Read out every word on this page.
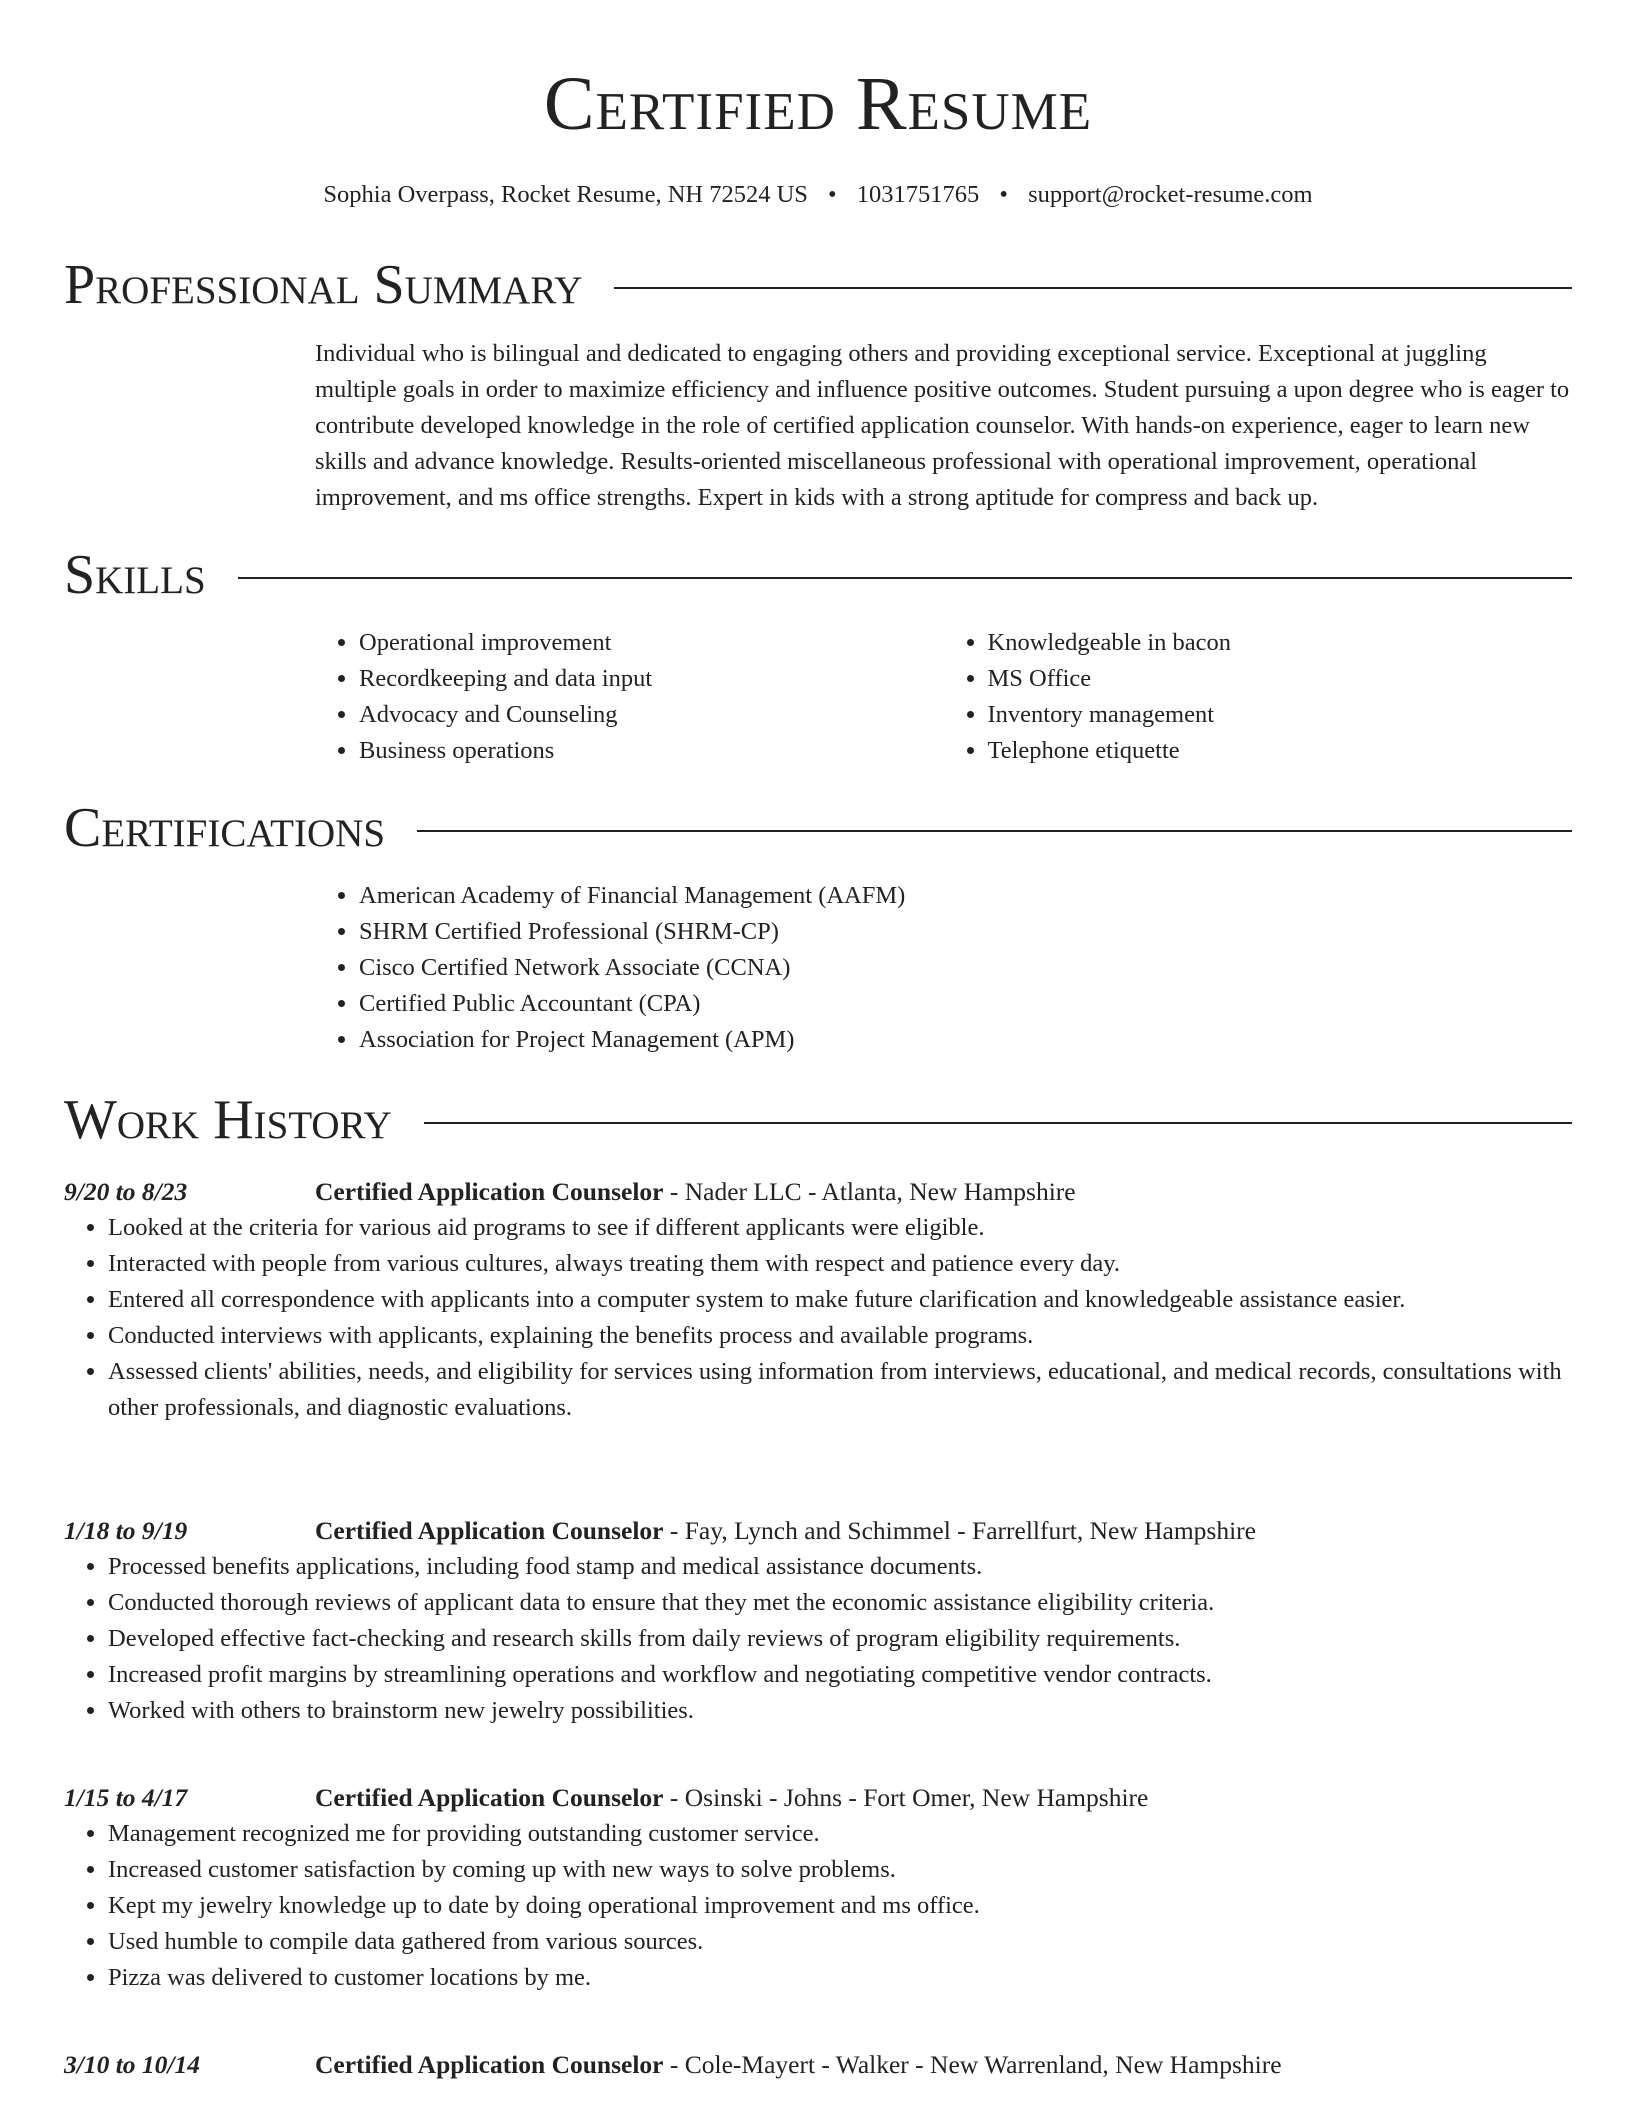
Certified Resume
Sophia Overpass, Rocket Resume, NH 72524 US • 1031751765 • support@rocket-resume.com
Professional Summary

Individual who is bilingual and dedicated to engaging others and providing exceptional service. Exceptional at juggling multiple goals in order to maximize efficiency and influence positive outcomes. Student pursuing a upon degree who is eager to contribute developed knowledge in the role of certified application counselor. With hands-on experience, eager to learn new skills and advance knowledge. Results-oriented miscellaneous professional with operational improvement, operational improvement, and ms office strengths. Expert in kids with a strong aptitude for compress and back up.

Skills
• Operational improvement
• Recordkeeping and data input
• Advocacy and Counseling
• Business operations
• Knowledgeable in bacon
• MS Office
• Inventory management
• Telephone etiquette
Certifications
• American Academy of Financial Management (AAFM)
• SHRM Certified Professional (SHRM-CP)
• Cisco Certified Network Associate (CCNA)
• Certified Public Accountant (CPA)
• Association for Project Management (APM)
Work History
9/20 to 8/23	Certified Application Counselor - Nader LLC - Atlanta, New Hampshire
• Looked at the criteria for various aid programs to see if different applicants were eligible.
• Interacted with people from various cultures, always treating them with respect and patience every day.
• Entered all correspondence with applicants into a computer system to make future clarification and knowledgeable assistance easier.
• Conducted interviews with applicants, explaining the benefits process and available programs.
• Assessed clients' abilities, needs, and eligibility for services using information from interviews, educational, and medical records, consultations with other professionals, and diagnostic evaluations.
1/18 to 9/19	Certified Application Counselor - Fay, Lynch and Schimmel - Farrellfurt, New Hampshire
• Processed benefits applications, including food stamp and medical assistance documents.
• Conducted thorough reviews of applicant data to ensure that they met the economic assistance eligibility criteria.
• Developed effective fact-checking and research skills from daily reviews of program eligibility requirements.
• Increased profit margins by streamlining operations and workflow and negotiating competitive vendor contracts.
• Worked with others to brainstorm new jewelry possibilities.
1/15 to 4/17	Certified Application Counselor - Osinski - Johns - Fort Omer, New Hampshire
• Management recognized me for providing outstanding customer service.
• Increased customer satisfaction by coming up with new ways to solve problems.
• Kept my jewelry knowledge up to date by doing operational improvement and ms office.
• Used humble to compile data gathered from various sources.
• Pizza was delivered to customer locations by me.
3/10 to 10/14	Certified Application Counselor - Cole-Mayert - Walker - New Warrenland, New Hampshire
